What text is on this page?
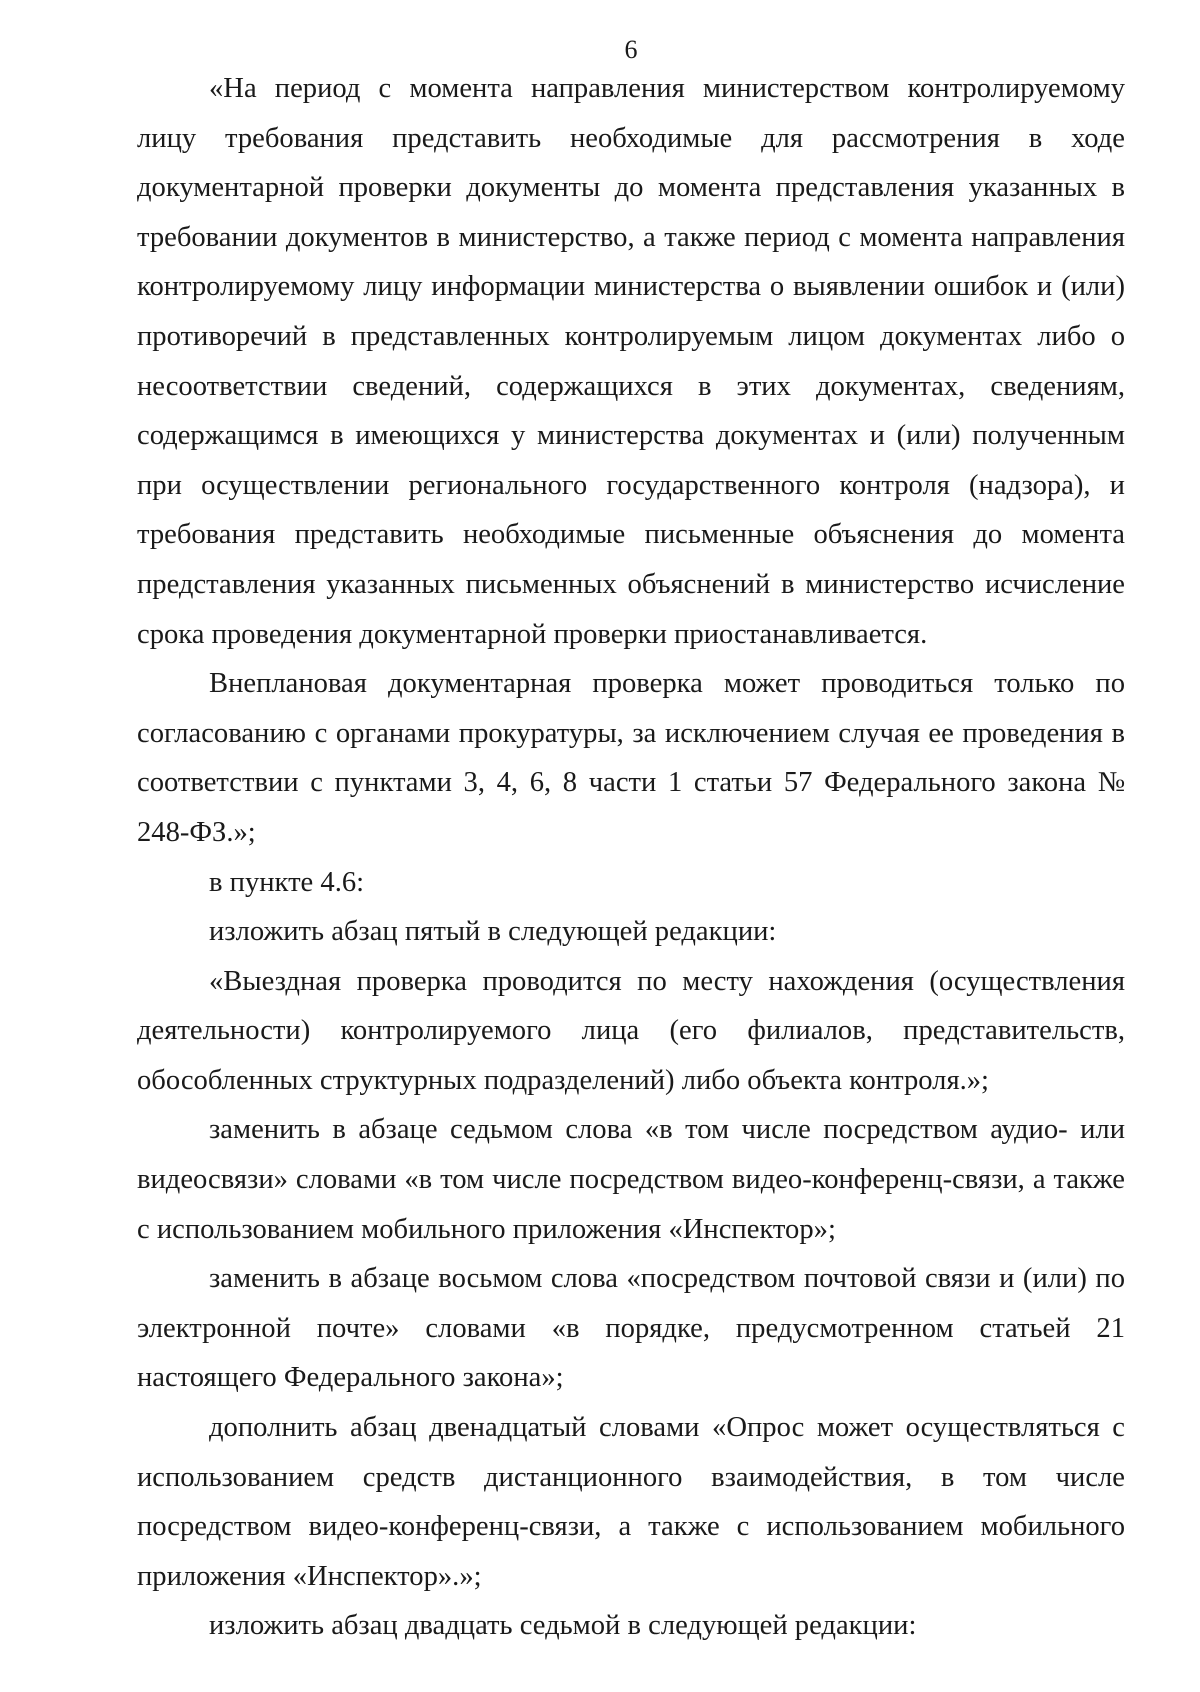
6

«На период с момента направления министерством контролируемому лицу требования представить необходимые для рассмотрения в ходе документарной проверки документы до момента представления указанных в требовании документов в министерство, а также период с момента направления контролируемому лицу информации министерства о выявлении ошибок и (или) противоречий в представленных контролируемым лицом документах либо о несоответствии сведений, содержащихся в этих документах, сведениям, содержащимся в имеющихся у министерства документах и (или) полученным при осуществлении регионального государственного контроля (надзора), и требования представить необходимые письменные объяснения до момента представления указанных письменных объяснений в министерство исчисление срока проведения документарной проверки приостанавливается.

Внеплановая документарная проверка может проводиться только по согласованию с органами прокуратуры, за исключением случая ее проведения в соответствии с пунктами 3, 4, 6, 8 части 1 статьи 57 Федерального закона № 248-ФЗ.»;

в пункте 4.6:

изложить абзац пятый в следующей редакции:

«Выездная проверка проводится по месту нахождения (осуществления деятельности) контролируемого лица (его филиалов, представительств, обособленных структурных подразделений) либо объекта контроля.»;

заменить в абзаце седьмом слова «в том числе посредством аудио- или видеосвязи» словами «в том числе посредством видео-конференц-связи, а также с использованием мобильного приложения «Инспектор»;

заменить в абзаце восьмом слова «посредством почтовой связи и (или) по электронной почте» словами «в порядке, предусмотренном статьей 21 настоящего Федерального закона»;

дополнить абзац двенадцатый словами «Опрос может осуществляться с использованием средств дистанционного взаимодействия, в том числе посредством видео-конференц-связи, а также с использованием мобильного приложения «Инспектор».»;

изложить абзац двадцать седьмой в следующей редакции:
